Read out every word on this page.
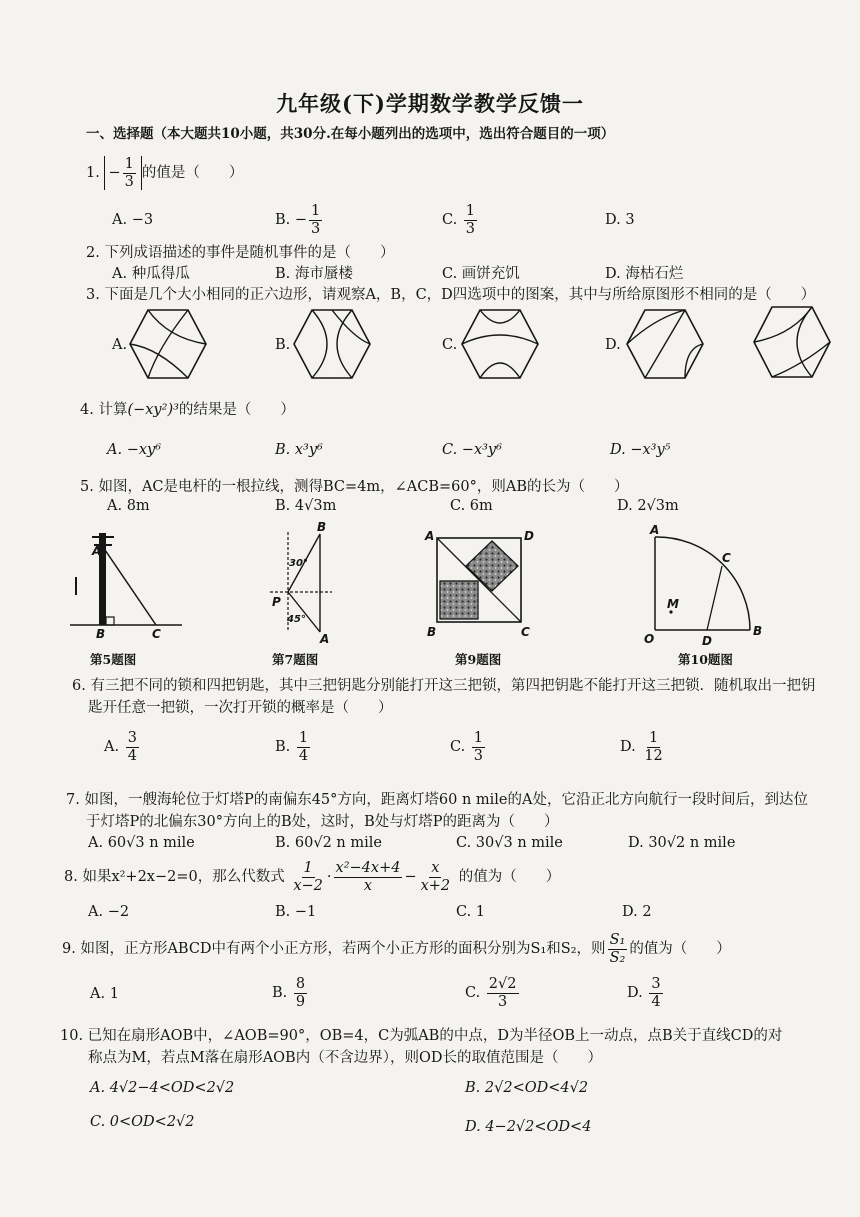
九年级(下)学期数学教学反馈一
一、选择题（本大题共10小题，共30分.在每小题列出的选项中，选出符合题目的一项）
1. − $\frac{1}{3}$ 的值是（　　）
A. −3	B. − $\frac{1}{3}$	C. $\frac{1}{3}$	D. 3
2. 下列成语描述的事件是随机事件的是（　　）
A. 种瓜得瓜	B. 海市蜃楼	C. 画饼充饥	D. 海枯石烂
3. 下面是几个大小相同的正六边形，请观察A，B，C，D四选项中的图案，其中与所给原图形不相同的是（　　）
A.	B.	C.	D.
4. 计算(−xy²)³的结果是（　　）
A. −xy⁶	B. x³y⁶	C. −x³y⁶	D. −x³y⁵
5. 如图，AC是电杆的一根拉线，测得BC=4m，∠ACB=60°，则AB的长为（　　）
A. 8m	B. 4√3m	C. 6m	D. 2√3m
A
B	C
第5题图
B
P
A
30°
45°
第7题图
A	D
B	C
第9题图
A
C
M
O	D
B
第10题图
6. 有三把不同的锁和四把钥匙，其中三把钥匙分别能打开这三把锁，第四把钥匙不能打开这三把锁．随机取出一把钥
匙开任意一把锁，一次打开锁的概率是（　　）
A. $\frac{3}{4}$	B. $\frac{1}{4}$	C. $\frac{1}{3}$	D. $\frac{1}{12}$
7. 如图，一艘海轮位于灯塔P的南偏东45°方向，距离灯塔60 n mile的A处，它沿正北方向航行一段时间后，到达位
于灯塔P的北偏东30°方向上的B处，这时，B处与灯塔P的距离为（　　）
A. 60√3 n mile	B. 60√2 n mile	C. 30√3 n mile	D. 30√2 n mile
8. 如果x²+2x−2=0，那么代数式 $\frac{1}{x-2} \cdot \frac{\text{x²−4x+4}}{x} - \frac{x}{x+2}$ 的值为（　　）
A. −2	B. −1	C. 1	D. 2
9. 如图，正方形ABCD中有两个小正方形，若两个小正方形的面积分别为S₁和S₂，则 $\frac{\text{S₁}}{\text{S₂}}$ 的值为（　　）
A. 1	B. $\frac{8}{9}$	C. $\frac{2√2}{3}$	D. $\frac{3}{4}$
10. 已知在扇形AOB中，∠AOB=90°，OB=4，C为弧AB的中点，D为半径OB上一动点，点B关于直线CD的对
称点为M，若点M落在扇形AOB内（不含边界），则OD长的取值范围是（　　）
A. 4√2−4<OD<2√2	B. 2√2<OD<4√2
C. 0<OD<2√2	D. 4−2√2<OD<4
